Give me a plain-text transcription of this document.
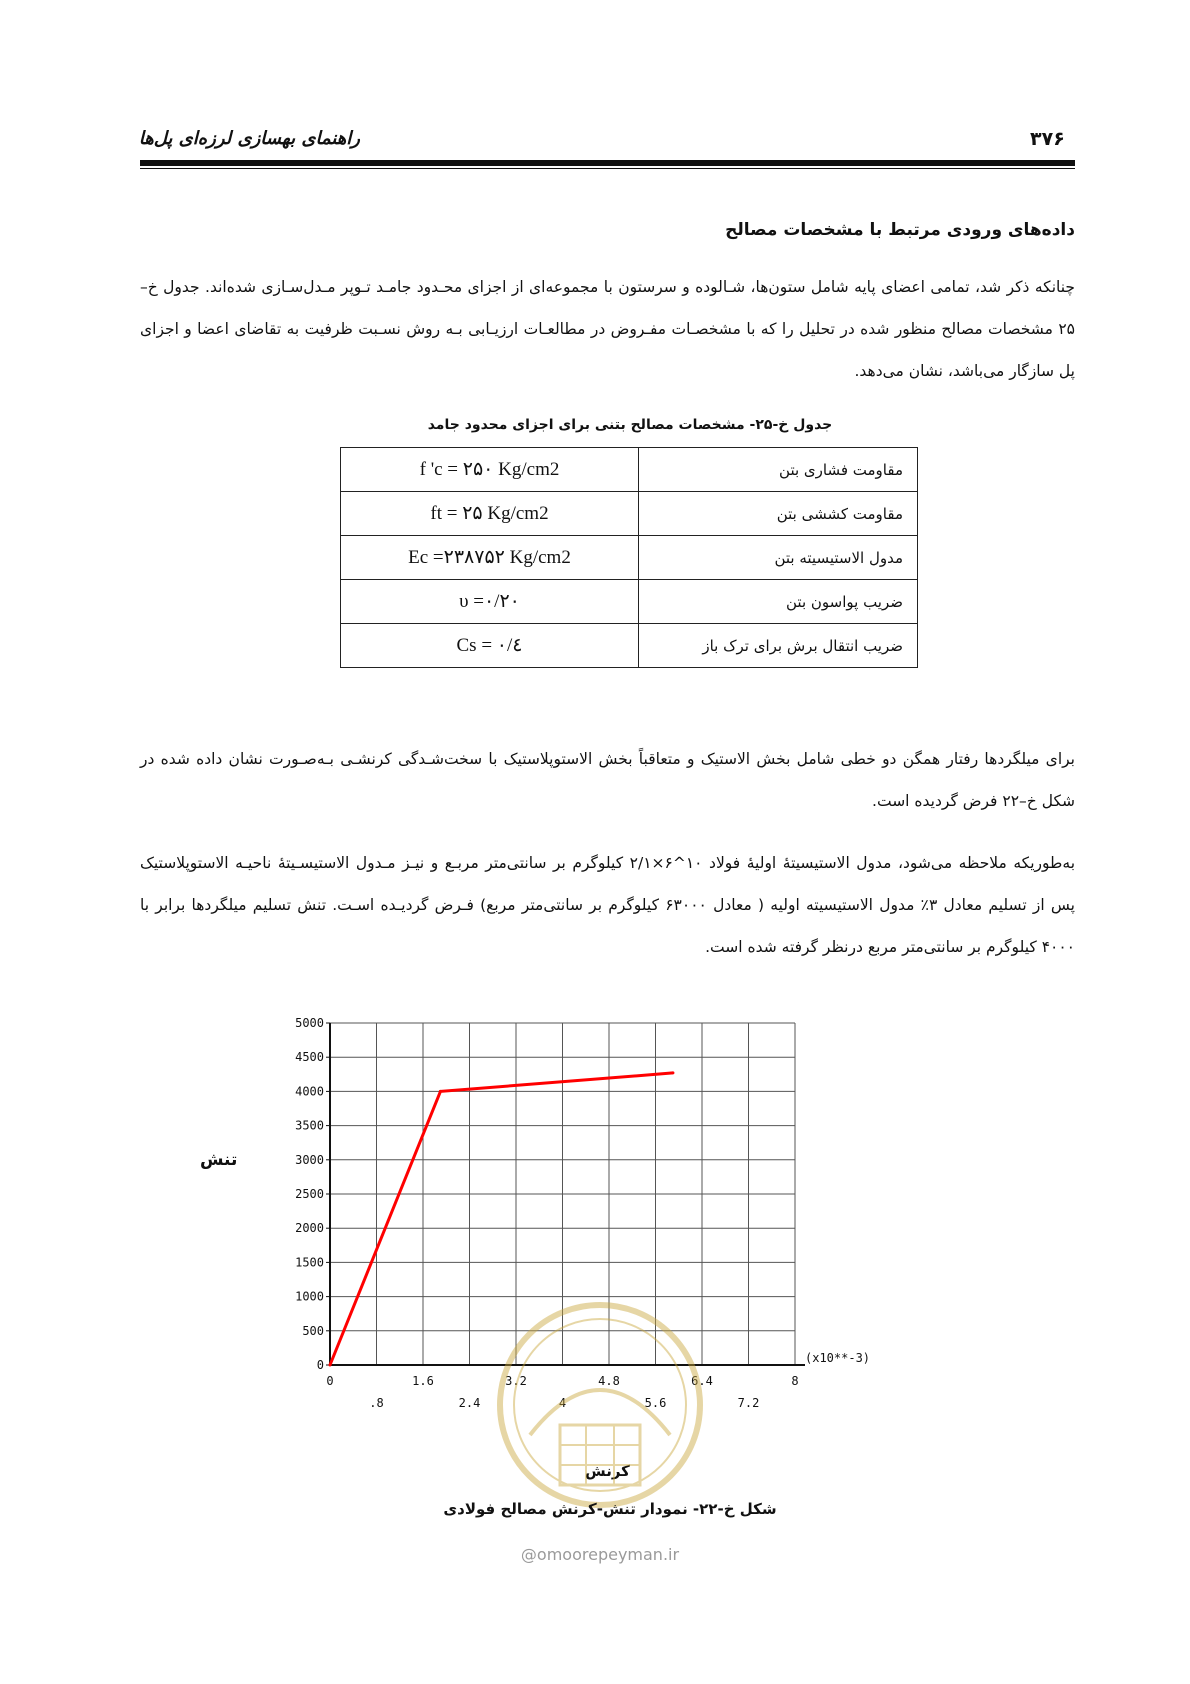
۳۷۶
راهنمای بهسازی لرزه‌ای پل‌ها
داده‌های ورودی مرتبط با مشخصات مصالح

چنانکه ذکر شد، تمامی اعضای پایه شامل ستون‌ها، شـالوده و سرستون با مجموعه‌ای از اجزای محـدود جامـد تـوپر مـدل‌سـازی شده‌اند. جدول خ–۲۵ مشخصات مصالح منظور شده در تحلیل را که با مشخصـات مفـروض در مطالعـات ارزیـابی بـه روش نسـبت ظرفیت به تقاضای اعضا و اجزای پل سازگار می‌باشد، نشان می‌دهد.

جدول خ-۲۵- مشخصات مصالح بتنی برای اجزای محدود جامد
f 'c = ۲۵۰ Kg/cm2	مقاومت فشاری بتن
ft = ۲۵ Kg/cm2	مقاومت کششی بتن
Ec =۲۳۸۷۵۲ Kg/cm2	مدول الاستیسیته بتن
υ =۰/۲۰	ضریب پواسون بتن
Cs = ۰/٤	ضریب انتقال برش برای ترک باز

برای میلگردها رفتار همگن دو خطی شامل بخش الاستیک و متعاقباً بخش الاستوپلاستیک با سخت‌شـدگی کرنشـی بـه‌صـورت نشان داده شده در شکل خ–۲۲ فرض گردیده است.

به‌طوریکه ملاحظه می‌شود، مدول الاستیسیتهٔ اولیهٔ فولاد ۱۰^۶×۲/۱ کیلوگرم بر سانتی‌متر مربـع و نیـز مـدول الاستیسـیتهٔ ناحیـه الاستوپلاستیک پس از تسلیم معادل ۳٪ مدول الاستیسیته اولیه ( معادل ۶۳۰۰۰ کیلوگرم بر سانتی‌متر مربع) فـرض گردیـده اسـت. تنش تسلیم میلگردها برابر با ۴۰۰۰ کیلوگرم بر سانتی‌متر مربع درنظر گرفته شده است.

تنش
0
500
1000
1500
2000
2500
3000
3500
4000
4500
5000
0	1.6	3.2	4.8	6.4	8
.8	2.4	4	5.6	7.2
(x10**-3)
کرنش
شکل خ-۲۲- نمودار تنش-کرنش مصالح فولادی
@omoorepeyman.ir
